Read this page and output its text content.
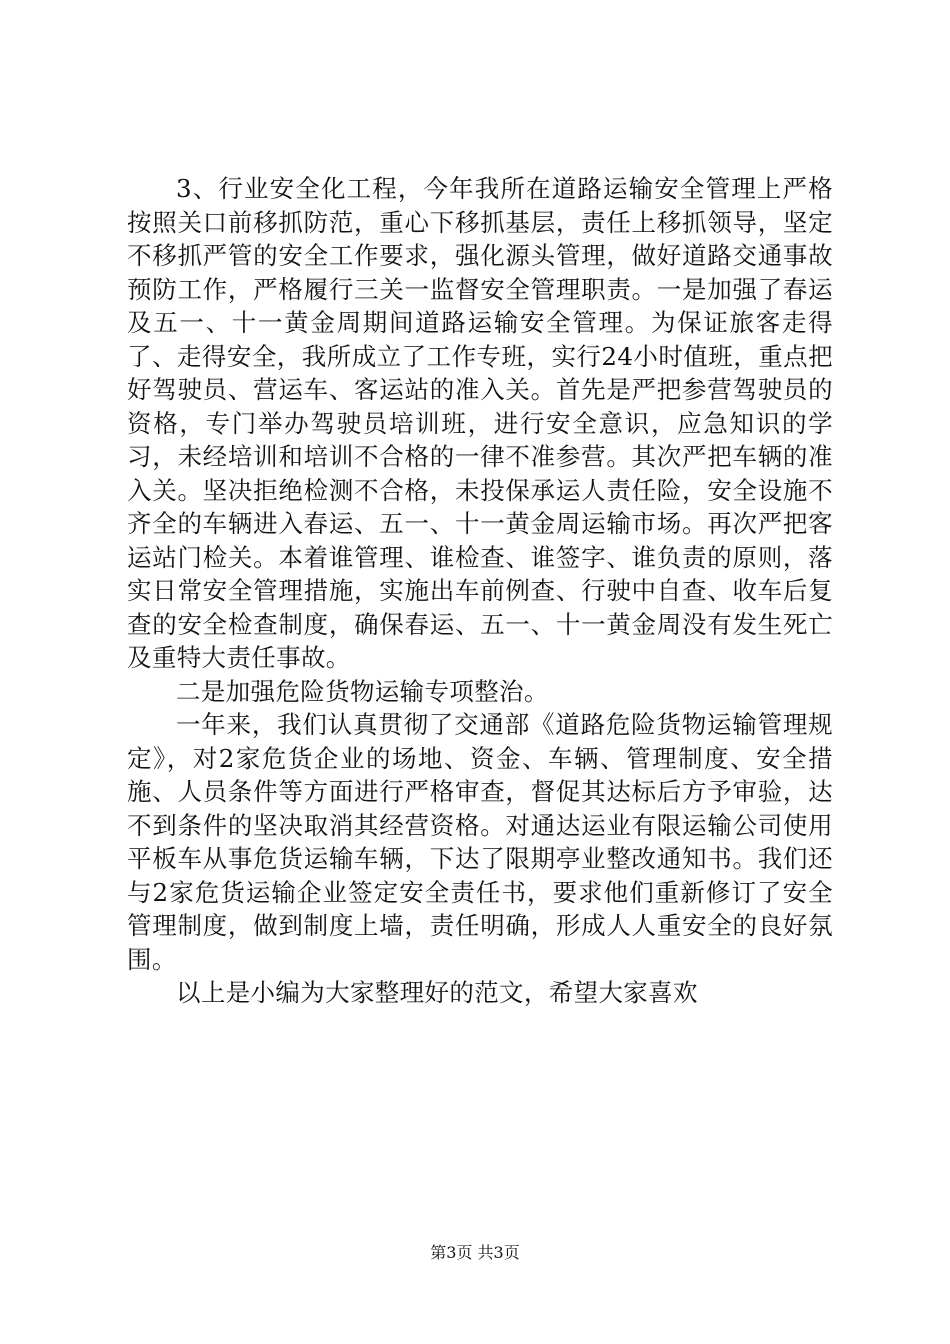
3、行业安全化工程，今年我所在道路运输安全管理上严格按照关口前移抓防范，重心下移抓基层，责任上移抓领导，坚定不移抓严管的安全工作要求，强化源头管理，做好道路交通事故预防工作，严格履行三关一监督安全管理职责。一是加强了春运及五一、十一黄金周期间道路运输安全管理。为保证旅客走得了、走得安全，我所成立了工作专班，实行24小时值班，重点把好驾驶员、营运车、客运站的准入关。首先是严把参营驾驶员的资格，专门举办驾驶员培训班，进行安全意识，应急知识的学习，未经培训和培训不合格的一律不准参营。其次严把车辆的准入关。坚决拒绝检测不合格，未投保承运人责任险，安全设施不齐全的车辆进入春运、五一、十一黄金周运输市场。再次严把客运站门检关。本着谁管理、谁检查、谁签字、谁负责的原则，落实日常安全管理措施，实施出车前例查、行驶中自查、收车后复查的安全检查制度，确保春运、五一、十一黄金周没有发生死亡及重特大责任事故。

二是加强危险货物运输专项整治。

一年来，我们认真贯彻了交通部《道路危险货物运输管理规定》，对2家危货企业的场地、资金、车辆、管理制度、安全措施、人员条件等方面进行严格审查，督促其达标后方予审验，达不到条件的坚决取消其经营资格。对通达运业有限运输公司使用平板车从事危货运输车辆，下达了限期亭业整改通知书。我们还与2家危货运输企业签定安全责任书，要求他们重新修订了安全管理制度，做到制度上墙，责任明确，形成人人重安全的良好氛围。

以上是小编为大家整理好的范文，希望大家喜欢

第3页 共3页
